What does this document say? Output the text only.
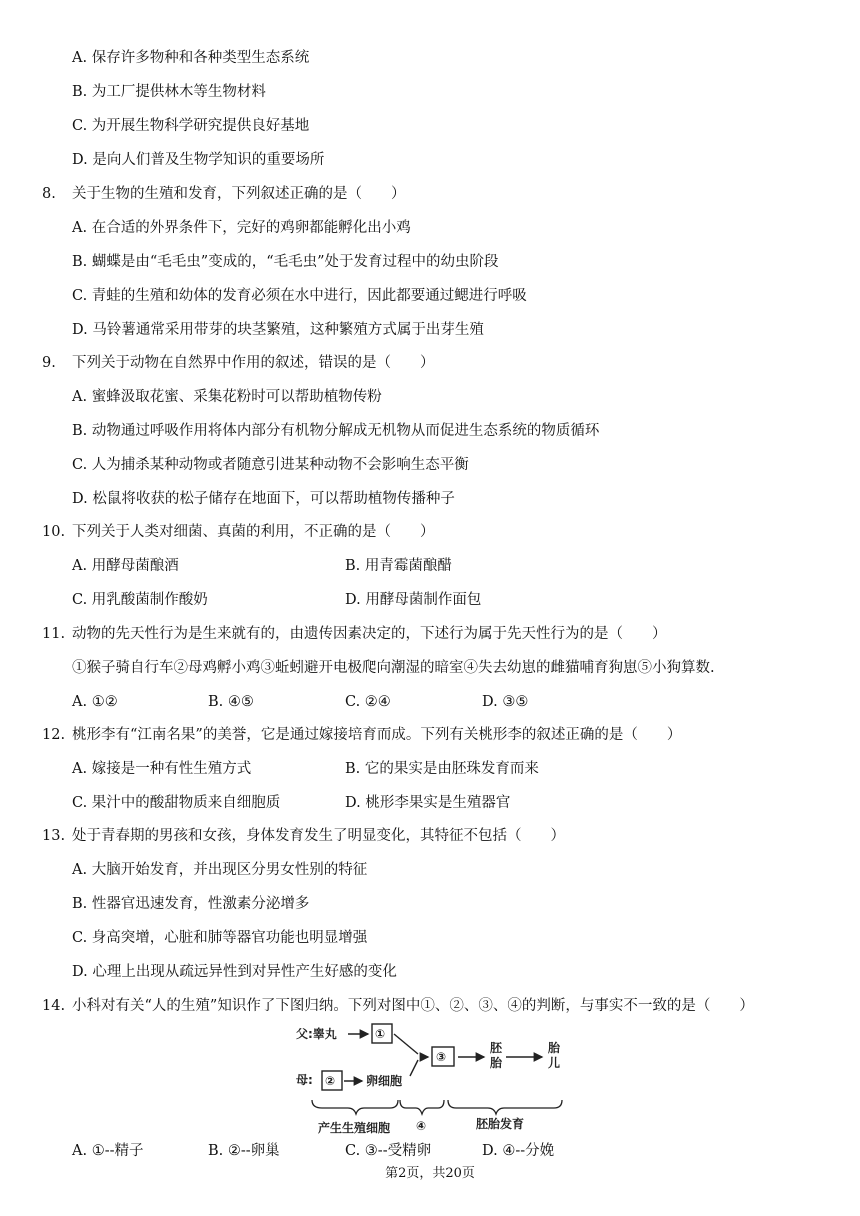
A. 保存许多物种和各种类型生态系统
B. 为工厂提供林木等生物材料
C. 为开展生物科学研究提供良好基地
D. 是向人们普及生物学知识的重要场所
8. 关于生物的生殖和发育，下列叙述正确的是（　　）
A. 在合适的外界条件下，完好的鸡卵都能孵化出小鸡
B. 蝴蝶是由“毛毛虫”变成的，“毛毛虫”处于发育过程中的幼虫阶段
C. 青蛙的生殖和幼体的发育必须在水中进行，因此都要通过鳃进行呼吸
D. 马铃薯通常采用带芽的块茎繁殖，这种繁殖方式属于出芽生殖
9. 下列关于动物在自然界中作用的叙述，错误的是（　　）
A. 蜜蜂汲取花蜜、采集花粉时可以帮助植物传粉
B. 动物通过呼吸作用将体内部分有机物分解成无机物从而促进生态系统的物质循环
C. 人为捕杀某种动物或者随意引进某种动物不会影响生态平衡
D. 松鼠将收获的松子储存在地面下，可以帮助植物传播种子
10. 下列关于人类对细菌、真菌的利用，不正确的是（　　）
A. 用酵母菌酿酒	B. 用青霉菌酿醋
C. 用乳酸菌制作酸奶	D. 用酵母菌制作面包
11. 动物的先天性行为是生来就有的，由遗传因素决定的，下述行为属于先天性行为的是（　　）
①猴子骑自行车②母鸡孵小鸡③蚯蚓避开电极爬向潮湿的暗室④失去幼崽的雌猫哺育狗崽⑤小狗算数.
A. ①②	B. ④⑤	C. ②④	D. ③⑤
12. 桃形李有“江南名果”的美誉，它是通过嫁接培育而成。下列有关桃形李的叙述正确的是（　　）
A. 嫁接是一种有性生殖方式	B. 它的果实是由胚珠发育而来
C. 果汁中的酸甜物质来自细胞质	D. 桃形李果实是生殖器官
13. 处于青春期的男孩和女孩，身体发育发生了明显变化，其特征不包括（　　）
A. 大脑开始发育，并出现区分男女性别的特征
B. 性器官迅速发育，性激素分泌增多
C. 身高突增，心脏和肺等器官功能也明显增强
D. 心理上出现从疏远异性到对异性产生好感的变化
14. 小科对有关“人的生殖”知识作了下图归纳。下列对图中①、②、③、④的判断，与事实不一致的是（　　）
父:睾丸	①
母: ②	卵细胞
③
胚
胎
胎
儿
产生生殖细胞 ④	胚胎发育
A. ①--精子	B. ②--卵巢	C. ③--受精卵	D. ④--分娩
第2页，共20页
